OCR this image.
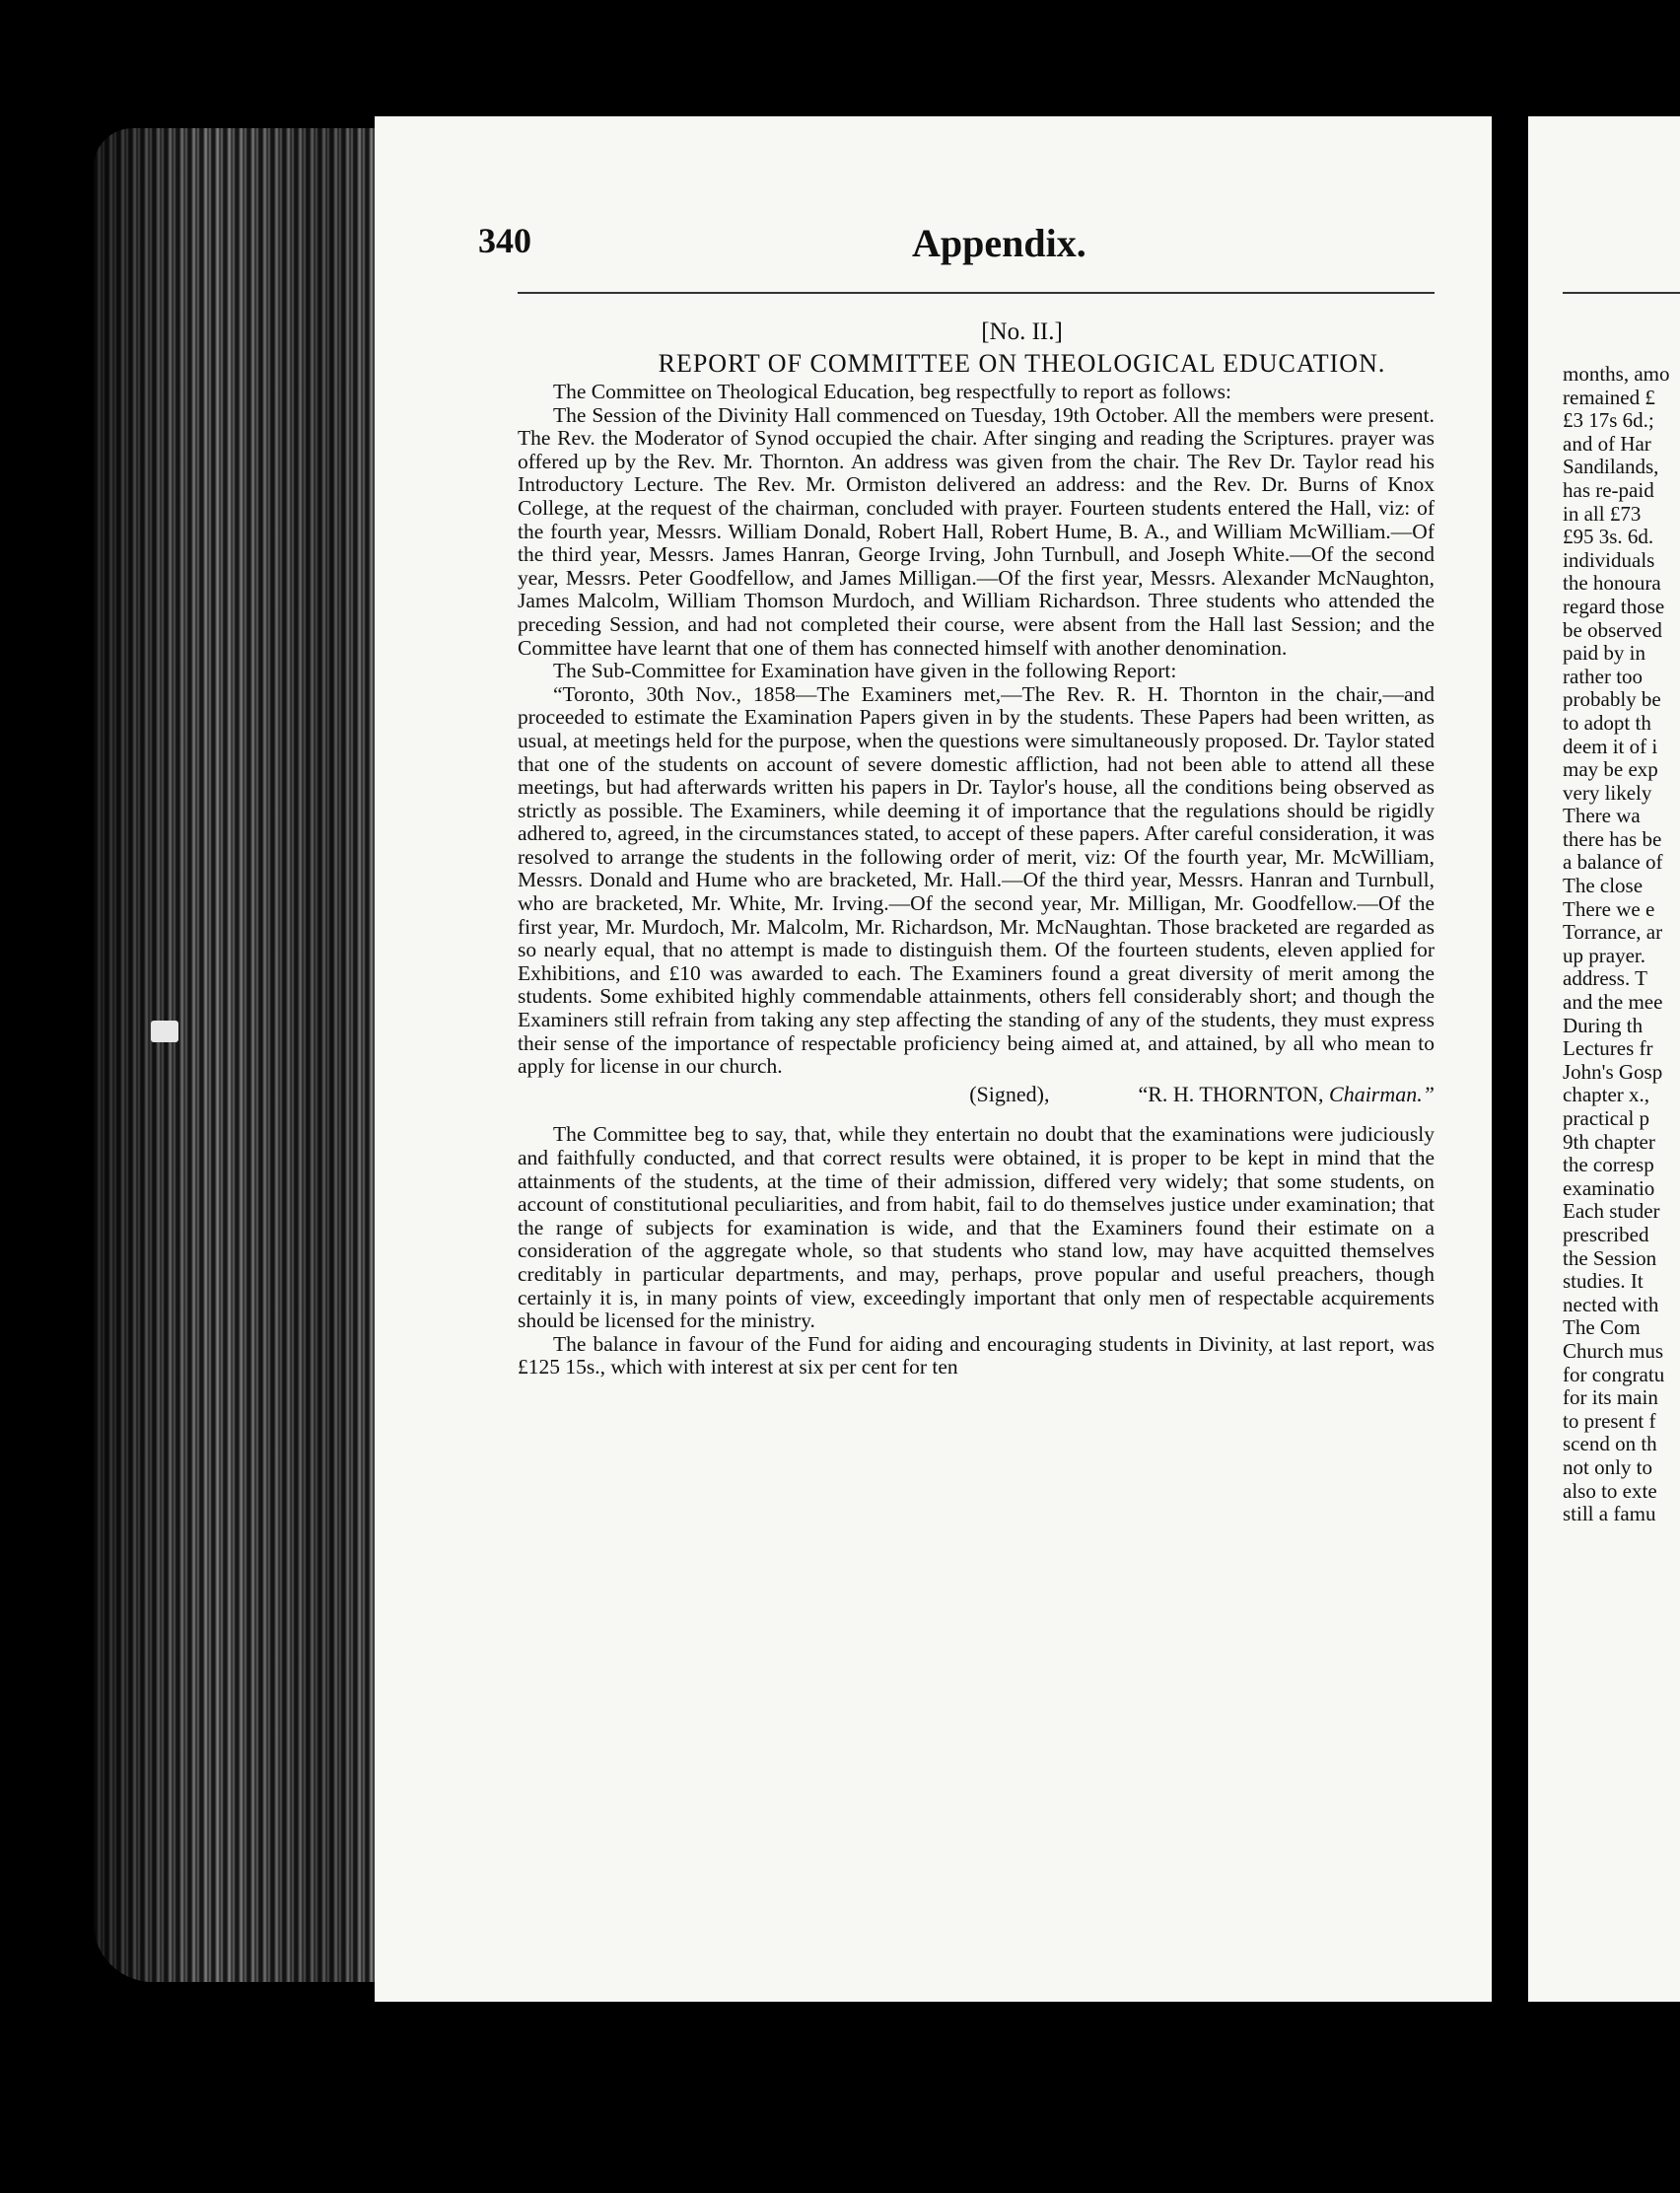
340	Appendix.
[No. II.]
REPORT OF COMMITTEE ON THEOLOGICAL EDUCATION.

The Committee on Theological Education, beg respectfully to report as follows:

The Session of the Divinity Hall commenced on Tuesday, 19th October. All the members were present. The Rev. the Moderator of Synod occupied the chair. After singing and reading the Scriptures. prayer was offered up by the Rev. Mr. Thornton. An address was given from the chair. The Rev Dr. Taylor read his Introductory Lecture. The Rev. Mr. Ormiston delivered an address: and the Rev. Dr. Burns of Knox College, at the request of the chairman, concluded with prayer. Fourteen students entered the Hall, viz: of the fourth year, Messrs. William Donald, Robert Hall, Robert Hume, B. A., and William McWilliam.—Of the third year, Messrs. James Hanran, George Irving, John Turnbull, and Joseph White.—Of the second year, Messrs. Peter Goodfellow, and James Milligan.—Of the first year, Messrs. Alexander McNaughton, James Malcolm, William Thomson Murdoch, and William Richardson. Three students who attended the preceding Session, and had not completed their course, were absent from the Hall last Session; and the Committee have learnt that one of them has connected himself with another denomination.

The Sub-Committee for Examination have given in the following Report:

“Toronto, 30th Nov., 1858—The Examiners met,—The Rev. R. H. Thornton in the chair,—and proceeded to estimate the Examination Papers given in by the students. These Papers had been written, as usual, at meetings held for the purpose, when the questions were simultaneously proposed. Dr. Taylor stated that one of the students on account of severe domestic affliction, had not been able to attend all these meetings, but had afterwards written his papers in Dr. Taylor's house, all the conditions being observed as strictly as possible. The Examiners, while deeming it of importance that the regulations should be rigidly adhered to, agreed, in the circumstances stated, to accept of these papers. After careful consideration, it was resolved to arrange the students in the following order of merit, viz: Of the fourth year, Mr. McWilliam, Messrs. Donald and Hume who are bracketed, Mr. Hall.—Of the third year, Messrs. Hanran and Turnbull, who are bracketed, Mr. White, Mr. Irving.—Of the second year, Mr. Milligan, Mr. Goodfellow.—Of the first year, Mr. Murdoch, Mr. Malcolm, Mr. Richardson, Mr. McNaughtan. Those bracketed are regarded as so nearly equal, that no attempt is made to distinguish them. Of the fourteen students, eleven applied for Exhibitions, and £10 was awarded to each. The Examiners found a great diversity of merit among the students. Some exhibited highly commendable attainments, others fell considerably short; and though the Examiners still refrain from taking any step affecting the standing of any of the students, they must express their sense of the importance of respectable proficiency being aimed at, and attained, by all who mean to apply for license in our church.

(Signed),	“R. H. THORNTON, Chairman.”

The Committee beg to say, that, while they entertain no doubt that the examinations were judiciously and faithfully conducted, and that correct results were obtained, it is proper to be kept in mind that the attainments of the students, at the time of their admission, differed very widely; that some students, on account of constitutional peculiarities, and from habit, fail to do themselves justice under examination; that the range of subjects for examination is wide, and that the Examiners found their estimate on a consideration of the aggregate whole, so that students who stand low, may have acquitted themselves creditably in particular departments, and may, perhaps, prove popular and useful preachers, though certainly it is, in many points of view, exceedingly important that only men of respectable acquirements should be licensed for the ministry.

The balance in favour of the Fund for aiding and encouraging students in Divinity, at last report, was £125 15s., which with interest at six per cent for ten

months, amo
remained £
£3 17s 6d.;
and of Har
Sandilands,
has re-paid
in all £73
£95 3s. 6d.
individuals
the honoura
regard those
be observed
paid by in
rather too
probably be
to adopt th
deem it of i
may be exp
very likely
There wa
there has be
a balance of
The close
There we e
Torrance, ar
up prayer.
address. T
and the mee
During th
Lectures fr
John's Gosp
chapter x.,
practical p
9th chapter
the corresp
examinatio
Each studer
prescribed
the Session
studies. It
nected with
The Com
Church mus
for congratu
for its main
to present f
scend on th
not only to
also to exte
still a famu
